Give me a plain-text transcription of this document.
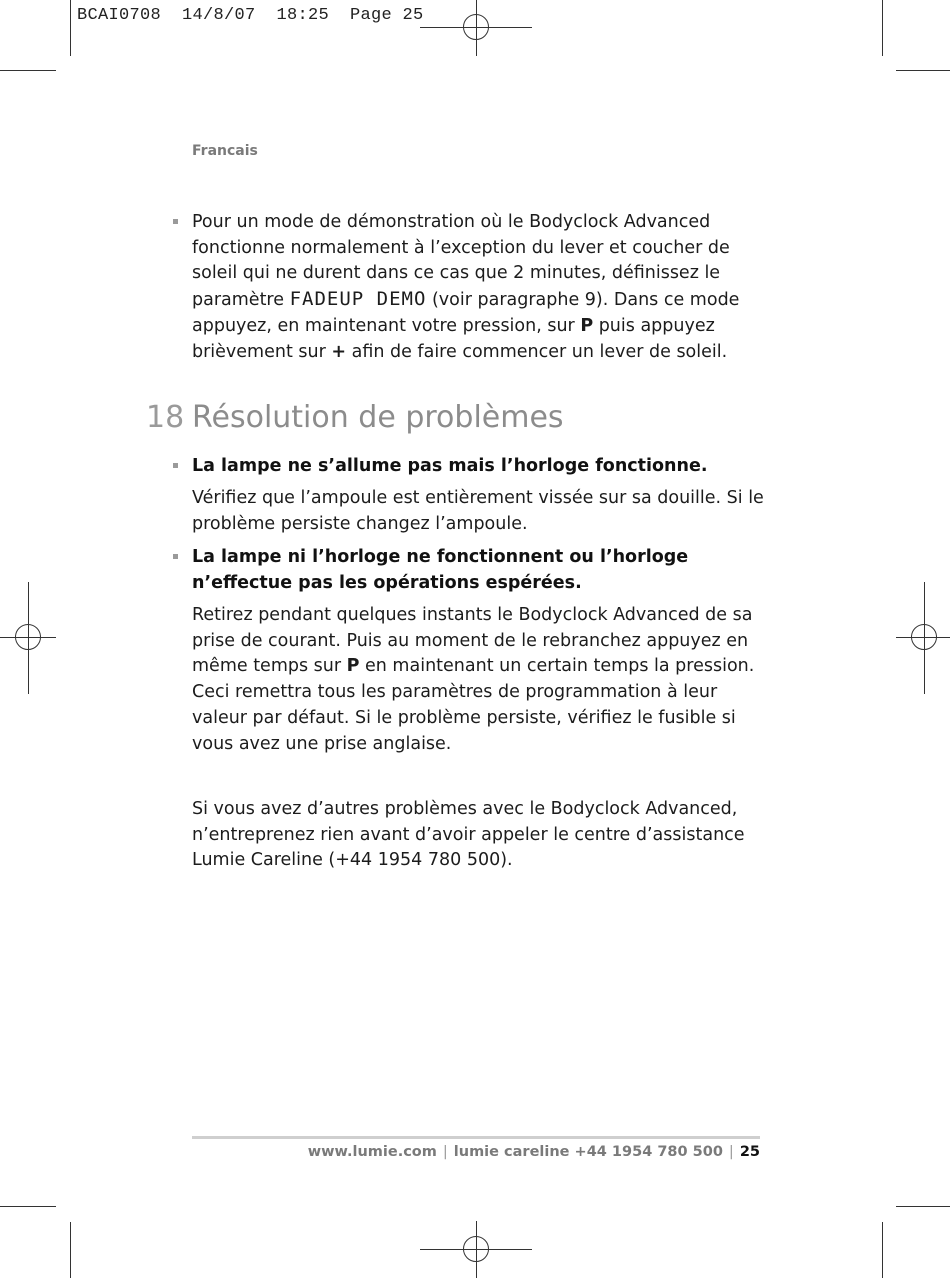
BCAI0708  14/8/07  18:25  Page 25
Francais
Pour un mode de démonstration où le Bodyclock Advanced fonctionne normalement à l’exception du lever et coucher de soleil qui ne durent dans ce cas que 2 minutes, définissez le paramètre FADEUP DEMO (voir paragraphe 9). Dans ce mode appuyez, en maintenant votre pression, sur P puis appuyez brièvement sur + afin de faire commencer un lever de soleil.
18 Résolution de problèmes
La lampe ne s’allume pas mais l’horloge fonctionne.
Vérifiez que l’ampoule est entièrement vissée sur sa douille. Si le problème persiste changez l’ampoule.
La lampe ni l’horloge ne fonctionnent ou l’horloge n’effectue pas les opérations espérées.
Retirez pendant quelques instants le Bodyclock Advanced de sa prise de courant. Puis au moment de le rebranchez appuyez en même temps sur P en maintenant un certain temps la pression. Ceci remettra tous les paramètres de programmation à leur valeur par défaut. Si le problème persiste, vérifiez le fusible si vous avez une prise anglaise.
Si vous avez d’autres problèmes avec le Bodyclock Advanced, n’entreprenez rien avant d’avoir appeler le centre d’assistance Lumie Careline (+44 1954 780 500).
www.lumie.com | lumie careline +44 1954 780 500 | 25
